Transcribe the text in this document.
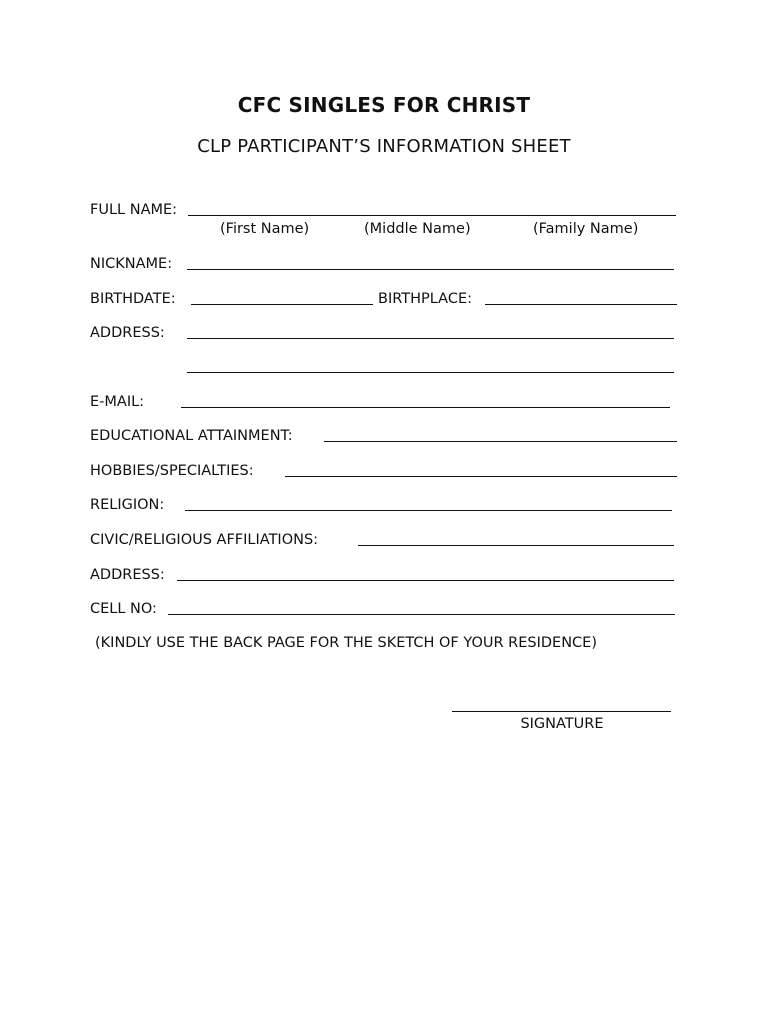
CFC SINGLES FOR CHRIST
CLP PARTICIPANT’S INFORMATION SHEET
FULL NAME:
(First Name)	(Middle Name)	(Family Name)
NICKNAME:
BIRTHDATE:	BIRTHPLACE:
ADDRESS:
E-MAIL:
EDUCATIONAL ATTAINMENT:
HOBBIES/SPECIALTIES:
RELIGION:
CIVIC/RELIGIOUS AFFILIATIONS:
ADDRESS:
CELL NO:
(KINDLY USE THE BACK PAGE FOR THE SKETCH OF YOUR RESIDENCE)
SIGNATURE
